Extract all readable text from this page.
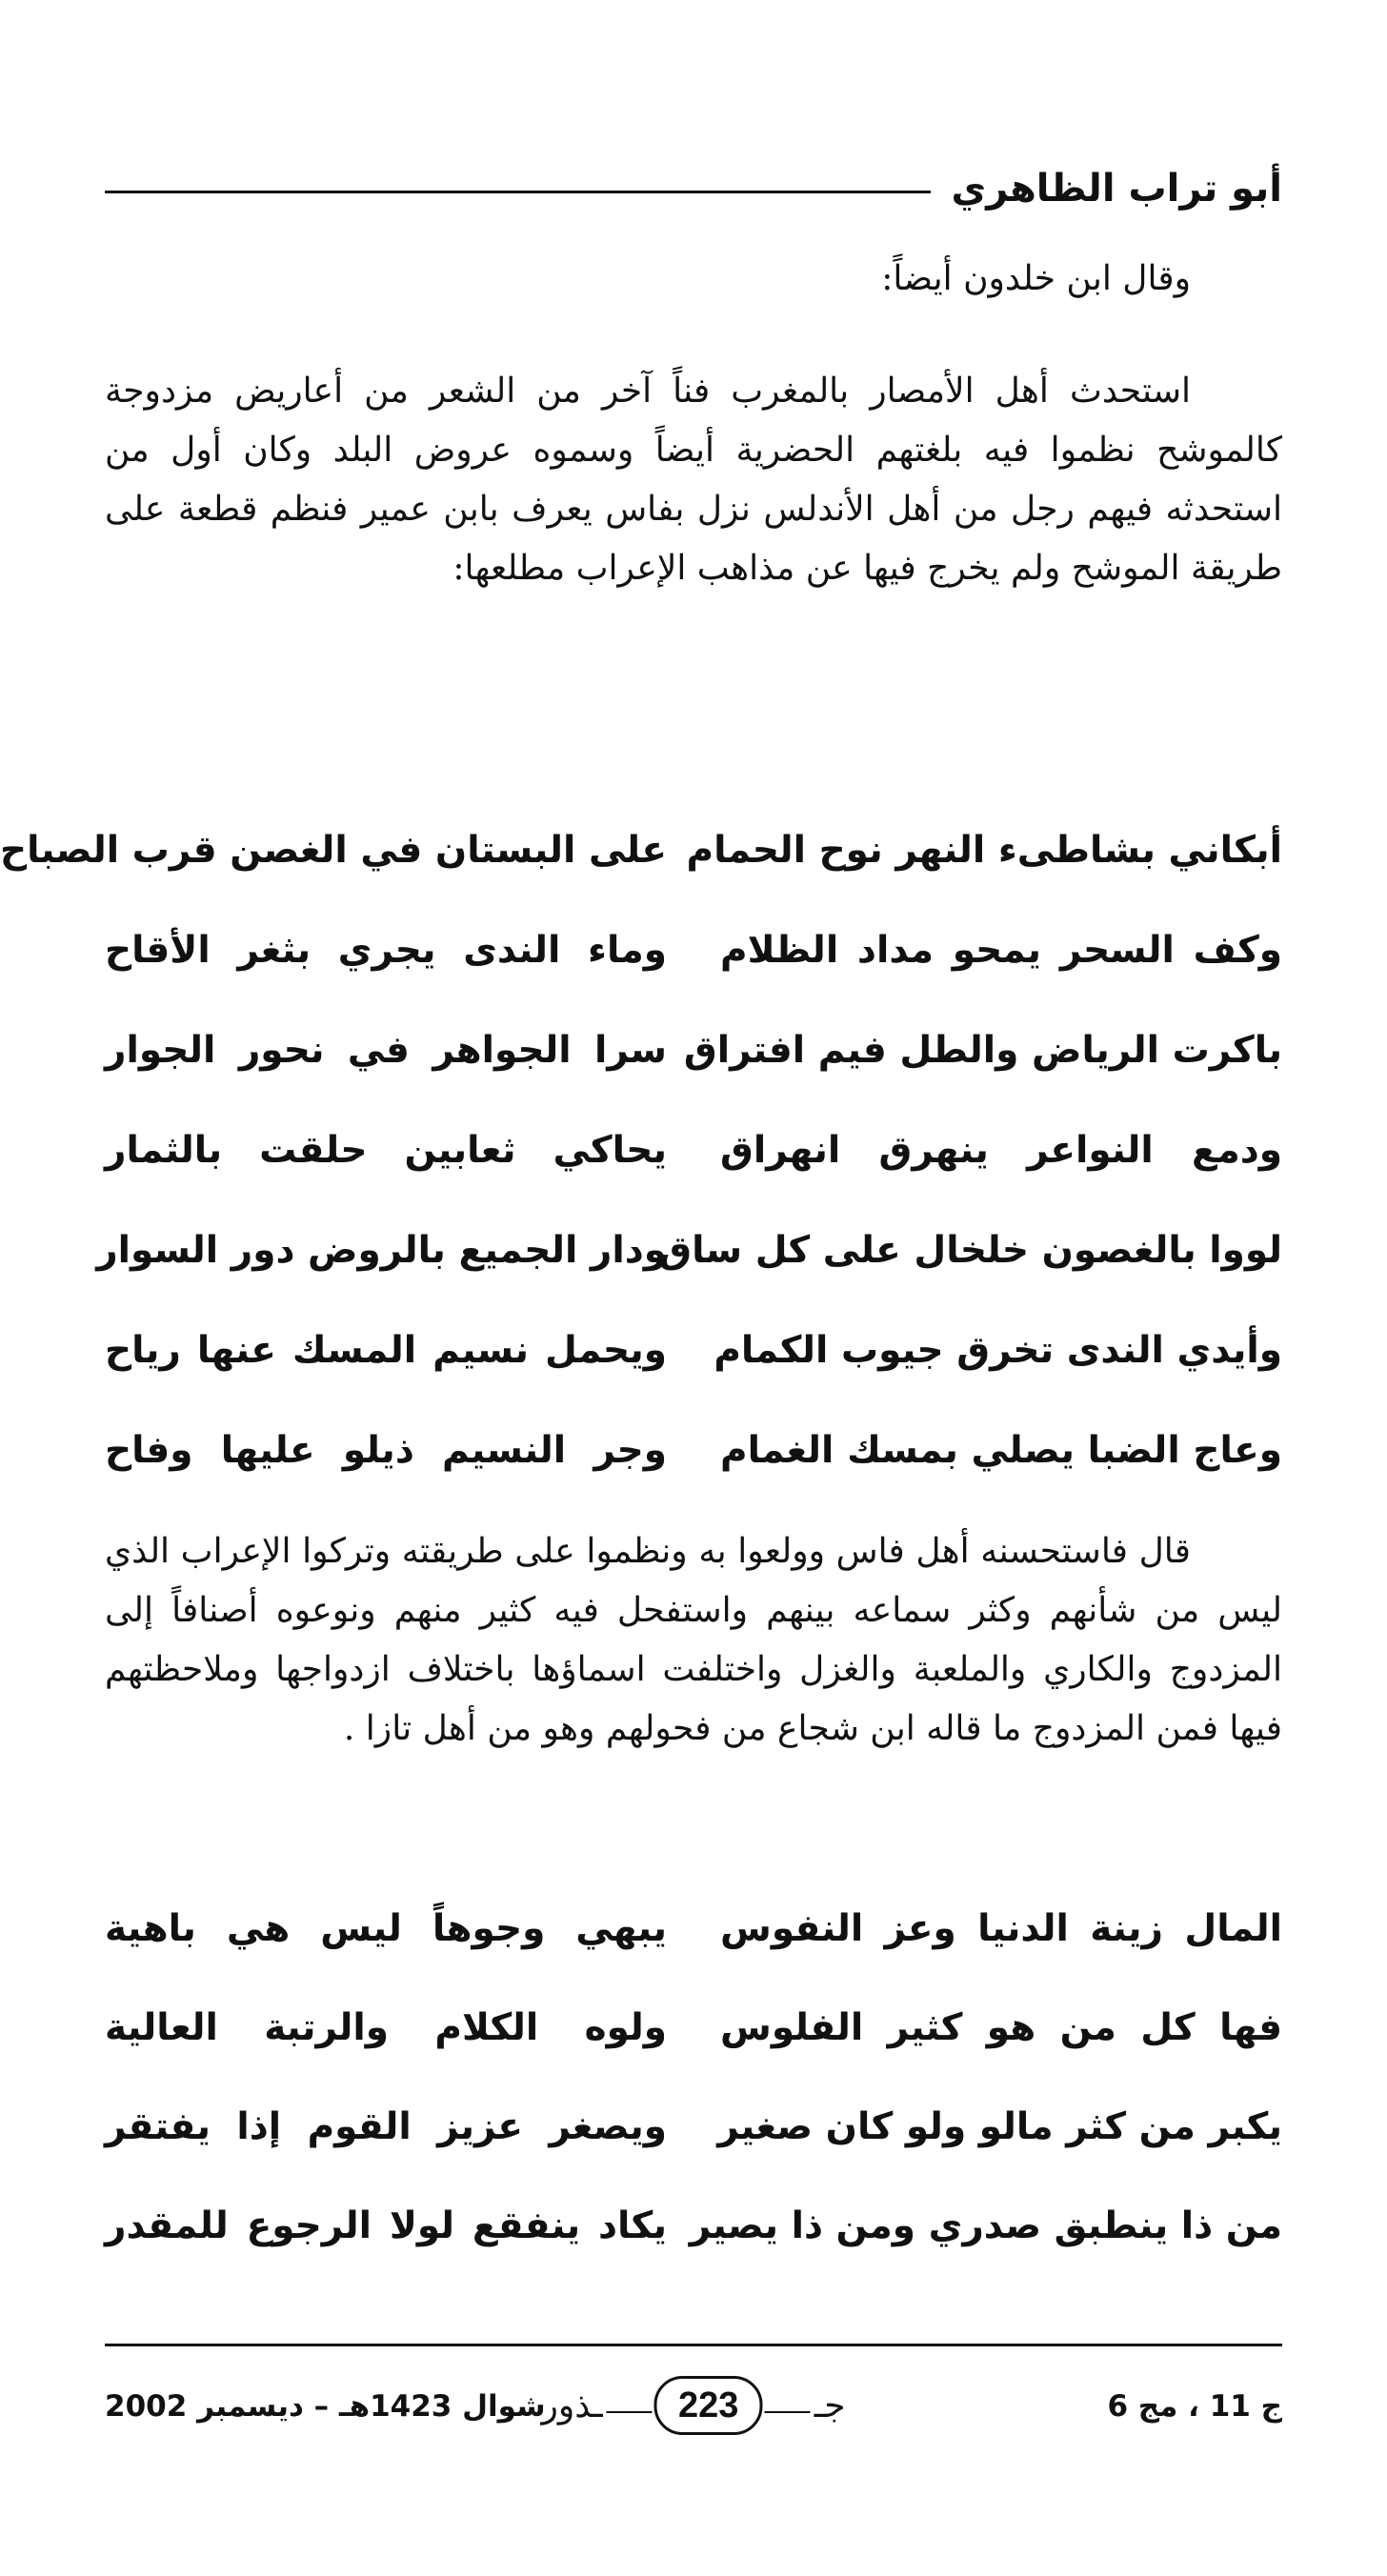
أبو تراب الظاهري

وقال ابن خلدون أيضاً:

استحدث أهل الأمصار بالمغرب فناً آخر من الشعر من أعاريض مزدوجة كالموشح نظموا فيه بلغتهم الحضرية أيضاً وسموه عروض البلد وكان أول من استحدثه فيهم رجل من أهل الأندلس نزل بفاس يعرف بابن عمير فنظم قطعة على طريقة الموشح ولم يخرج فيها عن مذاهب الإعراب مطلعها:

أبكاني بشاطىء النهر نوح الحمام
على البستان في الغصن قرب الصباح
وكف السحر يمحو مداد الظلام
وماء الندى يجري بثغر الأقاح
باكرت الرياض والطل فيم افتراق
سرا الجواهر في نحور الجوار
ودمع النواعر ينهرق انهراق
يحاكي ثعابين حلقت بالثمار
لووا بالغصون خلخال على كل ساق
ودار الجميع بالروض دور السوار
وأيدي الندى تخرق جيوب الكمام
ويحمل نسيم المسك عنها رياح
وعاج الضبا يصلي بمسك الغمام
وجر النسيم ذيلو عليها وفاح

قال فاستحسنه أهل فاس وولعوا به ونظموا على طريقته وتركوا الإعراب الذي ليس من شأنهم وكثر سماعه بينهم واستفحل فيه كثير منهم ونوعوه أصنافاً إلى المزدوج والكاري والملعبة والغزل واختلفت اسماؤها باختلاف ازدواجها وملاحظتهم فيها فمن المزدوج ما قاله ابن شجاع من فحولهم وهو من أهل تازا .

المال زينة الدنيا وعز النفوس
يبهي وجوهاً ليس هي باهية
فها كل من هو كثير الفلوس
ولوه الكلام والرتبة العالية
يكبر من كثر مالو ولو كان صغير
ويصغر عزيز القوم إذا يفتقر
من ذا ينطبق صدري ومن ذا يصير
يكاد ينفقع لولا الرجوع للمقدر
ج 11 ، مج 6
جـ
223
ـذور
شوال 1423هـ – ديسمبر 2002
